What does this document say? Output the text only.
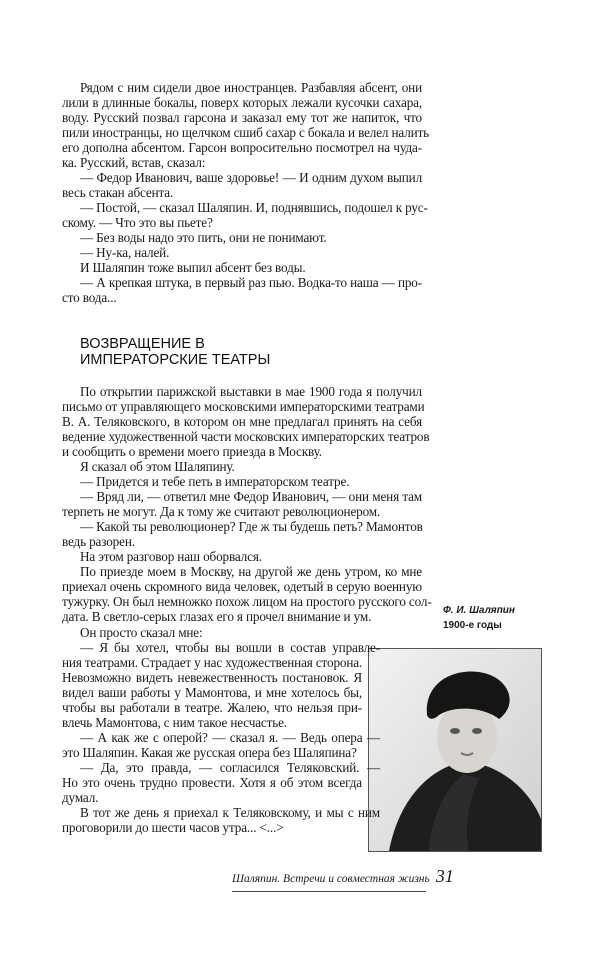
Рядом с ним сидели двое иностранцев. Разбавляя абсент, они
лили в длинные бокалы, поверх которых лежали кусочки сахара,
воду. Русский позвал гарсона и заказал ему тот же напиток, что
пили иностранцы, но щелчком сшиб сахар с бокала и велел налить
его дополна абсентом. Гарсон вопросительно посмотрел на чуда-
ка. Русский, встав, сказал:
— Федор Иванович, ваше здоровье! — И одним духом выпил
весь стакан абсента.
— Постой, — сказал Шаляпин. И, поднявшись, подошел к рус-
скому. — Что это вы пьете?
— Без воды надо это пить, они не понимают.
— Ну-ка, налей.
И Шаляпин тоже выпил абсент без воды.
— А крепкая штука, в первый раз пью. Водка-то наша — про-
сто вода...
ВОЗВРАЩЕНИЕ В
ИМПЕРАТОРСКИЕ ТЕАТРЫ
По открытии парижской выставки в мае 1900 года я получил
письмо от управляющего московскими императорскими театрами
В. А. Теляковского, в котором он мне предлагал принять на себя
ведение художественной части московских императорских театров
и сообщить о времени моего приезда в Москву.
Я сказал об этом Шаляпину.
— Придется и тебе петь в императорском театре.
— Вряд ли, — ответил мне Федор Иванович, — они меня там
терпеть не могут. Да к тому же считают революционером.
— Какой ты революционер? Где ж ты будешь петь? Мамонтов
ведь разорен.
На этом разговор наш оборвался.
По приезде моем в Москву, на другой же день утром, ко мне
приехал очень скромного вида человек, одетый в серую военную
тужурку. Он был немножко похож лицом на простого русского сол-
дата. В светло-серых глазах его я прочел внимание и ум.	Ф. И. Шаляпин
1900-е годы
Он просто сказал мне:
— Я бы хотел, чтобы вы вошли в состав управле-
ния театрами. Страдает у нас художественная сторона.
Невозможно видеть невежественность постановок. Я
видел ваши работы у Мамонтова, и мне хотелось бы,
чтобы вы работали в театре. Жалею, что нельзя при-
влечь Мамонтова, с ним такое несчастье.
— А как же с оперой? — сказал я. — Ведь опера —
это Шаляпин. Какая же русская опера без Шаляпина?
— Да, это правда, — согласился Теляковский. —
Но это очень трудно провести. Хотя я об этом всегда
думал.
В тот же день я приехал к Теляковскому, и мы с ним
проговорили до шести часов утра... <...>
Шаляпин. Встречи и совместная жизнь 31
